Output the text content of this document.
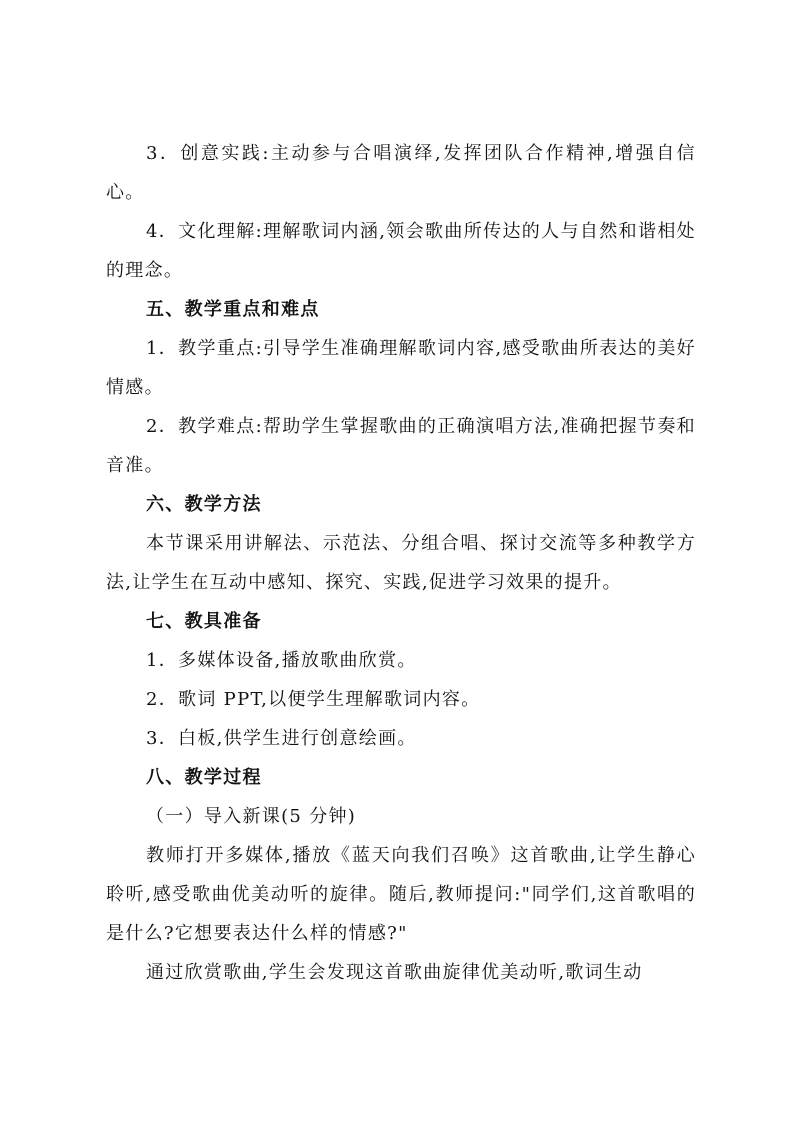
3．创意实践:主动参与合唱演绎,发挥团队合作精神,增强自信心。

4．文化理解:理解歌词内涵,领会歌曲所传达的人与自然和谐相处的理念。

五、教学重点和难点

1．教学重点:引导学生准确理解歌词内容,感受歌曲所表达的美好情感。

2．教学难点:帮助学生掌握歌曲的正确演唱方法,准确把握节奏和音准。

六、教学方法

本节课采用讲解法、示范法、分组合唱、探讨交流等多种教学方法,让学生在互动中感知、探究、实践,促进学习效果的提升。

七、教具准备

1．多媒体设备,播放歌曲欣赏。

2．歌词 PPT,以便学生理解歌词内容。

3．白板,供学生进行创意绘画。

八、教学过程

（一）导入新课(5 分钟)

教师打开多媒体,播放《蓝天向我们召唤》这首歌曲,让学生静心聆听,感受歌曲优美动听的旋律。随后,教师提问:"同学们,这首歌唱的是什么?它想要表达什么样的情感?"

通过欣赏歌曲,学生会发现这首歌曲旋律优美动听,歌词生动
